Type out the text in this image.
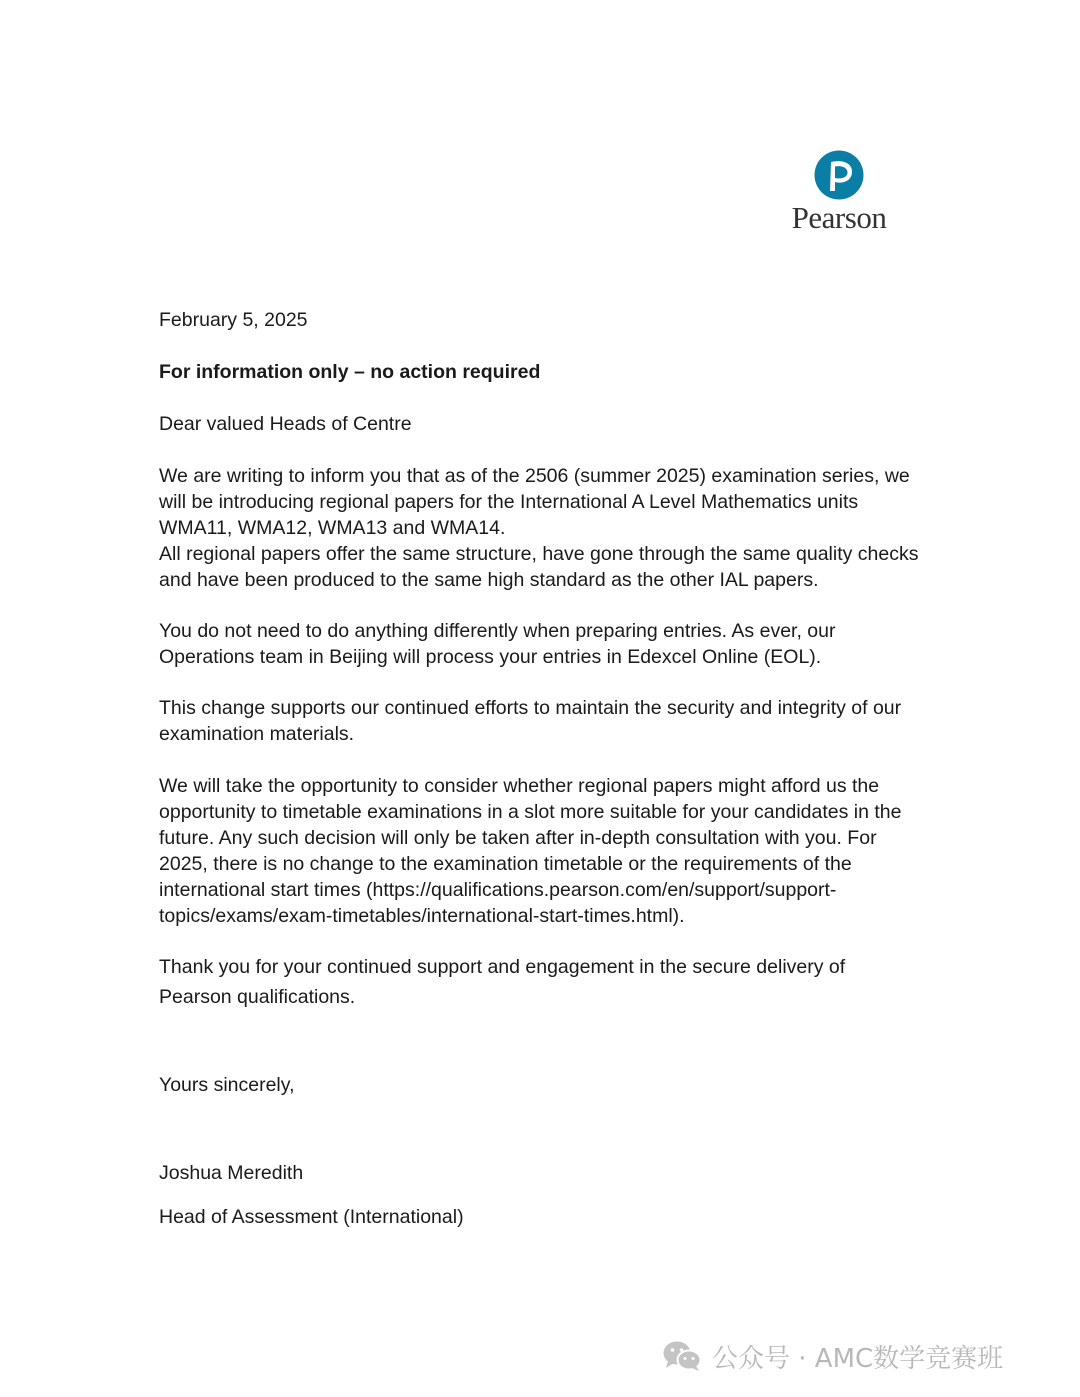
Pearson

February 5, 2025

For information only – no action required

Dear valued Heads of Centre

We are writing to inform you that as of the 2506 (summer 2025) examination series, we
will be introducing regional papers for the International A Level Mathematics units
WMA11, WMA12, WMA13 and WMA14.
All regional papers offer the same structure, have gone through the same quality checks
and have been produced to the same high standard as the other IAL papers.
You do not need to do anything differently when preparing entries. As ever, our
Operations team in Beijing will process your entries in Edexcel Online (EOL).
This change supports our continued efforts to maintain the security and integrity of our
examination materials.
We will take the opportunity to consider whether regional papers might afford us the
opportunity to timetable examinations in a slot more suitable for your candidates in the
future. Any such decision will only be taken after in-depth consultation with you. For
2025, there is no change to the examination timetable or the requirements of the
international start times (https://qualifications.pearson.com/en/support/support-
topics/exams/exam-timetables/international-start-times.html).
Thank you for your continued support and engagement in the secure delivery of
Pearson qualifications.

Yours sincerely,

Joshua Meredith

Head of Assessment (International)

公众号 · AMC数学竞赛班
